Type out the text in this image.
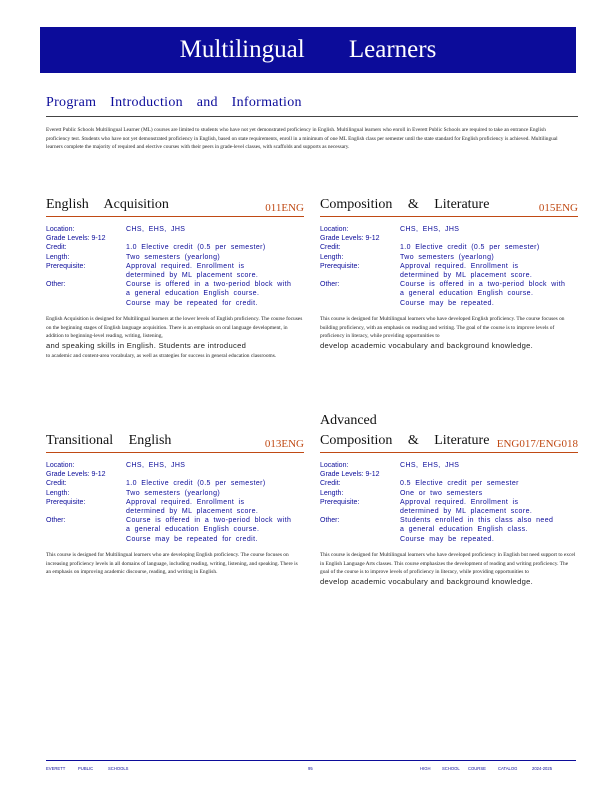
Multilingual Learners
Program Introduction and Information
Everett Public Schools Multilingual Learner (ML) courses are limited to students who have not yet demonstrated proficiency in English. Multilingual learners who enroll in Everett Public Schools are required to take an entrance English proficiency test. Students who have not yet demonstrated proficiency in English, based on state requirements, enroll in a minimum of one ML English class per semester until the state standard for English proficiency is achieved. Multilingual learners complete the majority of required and elective courses with their peers in grade-level classes, with scaffolds and supports as necessary.
English Acquisition	011ENG
Location:	CHS, EHS, JHS
Grade Levels: 9-12
Credit:	1.0 Elective credit (0.5 per semester)
Length:	Two semesters (yearlong)
Prerequisite:	Approval required. Enrollment is
determined by ML placement score.
Other:	Course is offered in a two-period block with
a general education English course.
Course may be repeated for credit.
English Acquisition is designed for Multilingual learners at the lower levels of English proficiency. The course focuses on the beginning stages of English language acquisition. There is an emphasis on oral language development, in addition to beginning-level reading, writing, listening,
and speaking skills in English. Students are introduced
to academic and content-area vocabulary, as well as strategies for success in general education classrooms.
Composition & Literature	015ENG
Location:	CHS, EHS, JHS
Grade Levels: 9-12
Credit:	1.0 Elective credit (0.5 per semester)
Length:	Two semesters (yearlong)
Prerequisite:	Approval required. Enrollment is
determined by ML placement score.
Other:	Course is offered in a two-period block with
a general education English course.
Course may be repeated.
This course is designed for Multilingual learners who have developed English proficiency. The course focuses on building proficiency, with an emphasis on reading and writing. The goal of the course is to improve levels of proficiency in literacy, while providing opportunities to
develop academic vocabulary and background knowledge.
Transitional English	013ENG
Location:	CHS, EHS, JHS
Grade Levels: 9-12
Credit:	1.0 Elective credit (0.5 per semester)
Length:	Two semesters (yearlong)
Prerequisite:	Approval required. Enrollment is
determined by ML placement score.
Other:	Course is offered in a two-period block with
a general education English course.
Course may be repeated for credit.
This course is designed for Multilingual learners who are developing English proficiency. The course focuses on increasing proficiency levels in all domains of language, including reading, writing, listening, and speaking. There is an emphasis on improving academic discourse, reading, and writing in English.
Advanced
Composition & Literature ENG017/ENG018
Location:	CHS, EHS, JHS
Grade Levels: 9-12
Credit:	0.5 Elective credit per semester
Length:	One or two semesters
Prerequisite:	Approval required. Enrollment is
determined by ML placement score.
Other:	Students enrolled in this class also need
a general education English class.
Course may be repeated.
This course is designed for Multilingual learners who have developed proficiency in English but need support to excel in English Language Arts classes. This course emphasizes the development of reading and writing proficiency. The goal of the course is to improve levels of proficiency in literacy, while providing opportunities to
develop academic vocabulary and background knowledge.
EVERETT	PUBLIC	SCHOOLS	95	HIGH	SCHOOL COURSE	CATALOG	2024-2025
